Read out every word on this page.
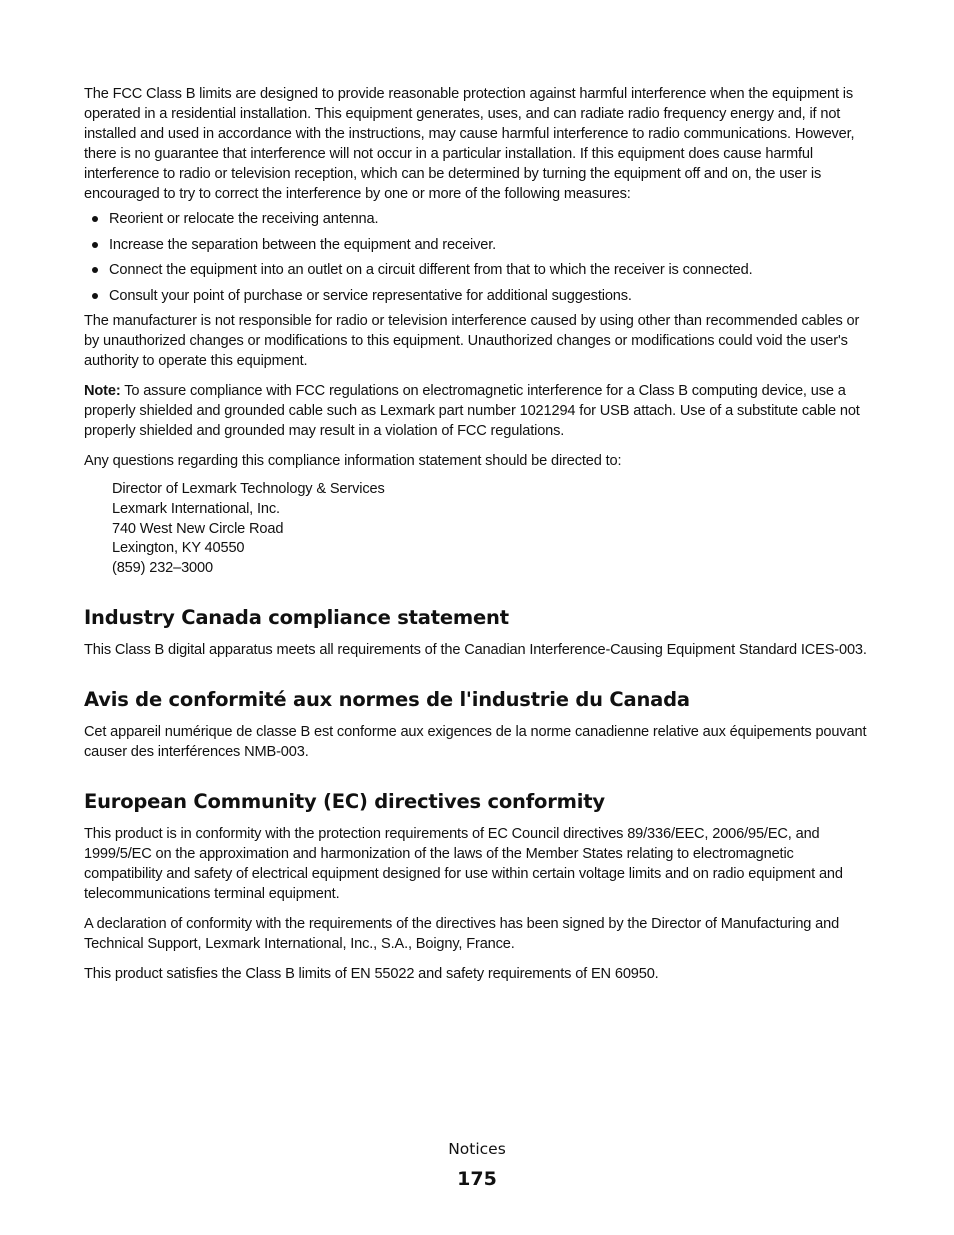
The FCC Class B limits are designed to provide reasonable protection against harmful interference when the equipment is operated in a residential installation. This equipment generates, uses, and can radiate radio frequency energy and, if not installed and used in accordance with the instructions, may cause harmful interference to radio communications. However, there is no guarantee that interference will not occur in a particular installation. If this equipment does cause harmful interference to radio or television reception, which can be determined by turning the equipment off and on, the user is encouraged to try to correct the interference by one or more of the following measures:

Reorient or relocate the receiving antenna.
Increase the separation between the equipment and receiver.
Connect the equipment into an outlet on a circuit different from that to which the receiver is connected.
Consult your point of purchase or service representative for additional suggestions.

The manufacturer is not responsible for radio or television interference caused by using other than recommended cables or by unauthorized changes or modifications to this equipment. Unauthorized changes or modifications could void the user's authority to operate this equipment.

Note: To assure compliance with FCC regulations on electromagnetic interference for a Class B computing device, use a properly shielded and grounded cable such as Lexmark part number 1021294 for USB attach. Use of a substitute cable not properly shielded and grounded may result in a violation of FCC regulations.

Any questions regarding this compliance information statement should be directed to:

Director of Lexmark Technology & Services

Lexmark International, Inc.

740 West New Circle Road

Lexington, KY 40550

(859) 232–3000

Industry Canada compliance statement

This Class B digital apparatus meets all requirements of the Canadian Interference-Causing Equipment Standard ICES-003.

Avis de conformité aux normes de l'industrie du Canada

Cet appareil numérique de classe B est conforme aux exigences de la norme canadienne relative aux équipements pouvant causer des interférences NMB-003.

European Community (EC) directives conformity

This product is in conformity with the protection requirements of EC Council directives 89/336/EEC, 2006/95/EC, and 1999/5/EC on the approximation and harmonization of the laws of the Member States relating to electromagnetic compatibility and safety of electrical equipment designed for use within certain voltage limits and on radio equipment and telecommunications terminal equipment.

A declaration of conformity with the requirements of the directives has been signed by the Director of Manufacturing and Technical Support, Lexmark International, Inc., S.A., Boigny, France.

This product satisfies the Class B limits of EN 55022 and safety requirements of EN 60950.

Notices
175
